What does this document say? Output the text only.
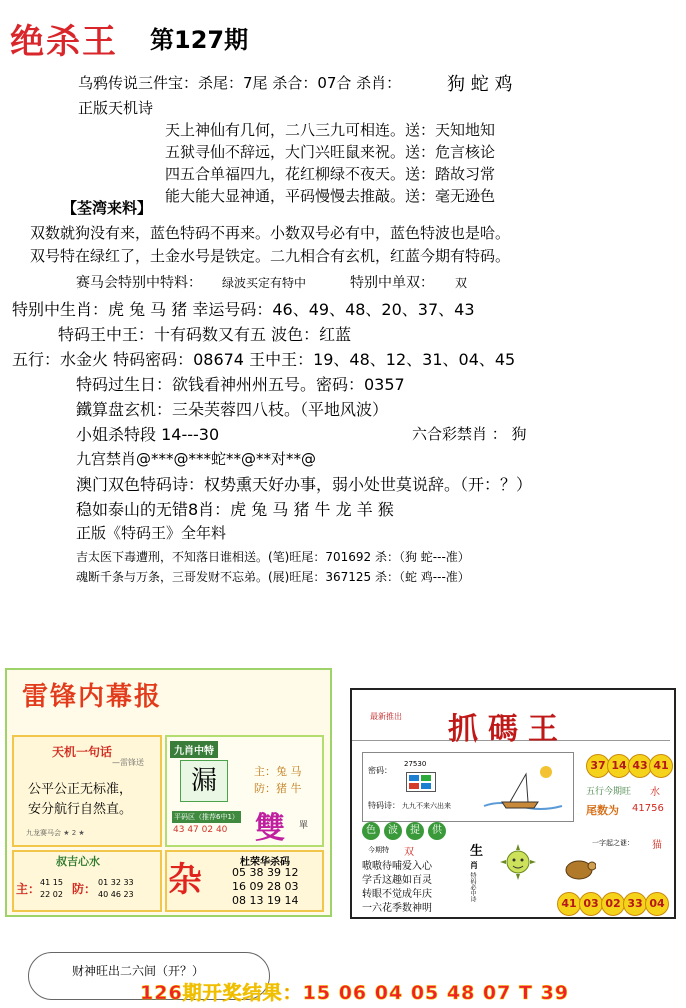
绝杀王 第127期
乌鸦传说三件宝：杀尾：7尾 杀合：07合 杀肖：	狗 蛇 鸡
正版天机诗
天上神仙有几何，二八三九可相连。送：天知地知
五狱寻仙不辞远，大门兴旺鼠来祝。送：危言核论
四五合单福四九，花红柳绿不夜天。送：踏故习常
能大能大显神通，平码慢慢去推敲。送：毫无逊色
【荃湾来料】
双数就狗没有来，蓝色特码不再来。小数双号必有中，蓝色特波也是哈。
双号特在绿红了，土金水号是铁定。二九相合有玄机，红蓝今期有特码。
赛马会特别中特料： 绿波买定有特中	特别中单双： 双
特别中生肖：虎 兔 马 猪 幸运号码：46、49、48、20、37、43
特码王中王：十有码数又有五 波色：红蓝
五行：水金火 特码密码：08674 王中王：19、48、12、31、04、45
特码过生日：欲钱看神州州五号。密码：0357
鐵算盘玄机：三朵芙蓉四八枝。（平地风波）
小姐杀特段 14---30	六合彩禁肖 ： 狗
九宫禁肖@***@***蛇**@**对**@
澳门双色特码诗：权势熏天好办事，弱小处世莫说辞。（开：？）
稳如泰山的无错8肖：虎 兔 马 猪 牛 龙 羊 猴
正版《特码王》全年料
吉太医下毒遭刑，不知落日谁相送。(笔)旺尾：701692 杀：（狗 蛇---准）
魂断千条与万条，三哥发财不忘弟。(展)旺尾：367125 杀：（蛇 鸡---准）
雷锋内幕报
天机一句话
—雷锋送
公平公正无标准，
安分航行自然直。
九龙赛马会 ★ 2 ★
九肖中特
漏	主：兔 马
防：猪 牛
平码区（推荐6中1）
43 47 02 40 雙 單
叔吉心水
主： 41 15
22 02 防： 01 32 33
40 46 23 杂	杜荣华杀码
05 38 39 12
16 09 28 03
08 13 19 14
最新推出 抓碼王
密码：
27530
特码诗： 九九不来六出来
37 14 43 41
五行今期旺 水
尾数为 41756
一字起之谜： 猫
色	波	提	供
今期特 双	生
肖
嗷嗷待哺爱入心
学舌这趣如百灵
转眼不觉成年庆
一六花季数神明
特码必中诗
41 03 02 33 04
财神旺出二六间（开？）
126期开奖结果：15 06 04 05 48 07 T 39
